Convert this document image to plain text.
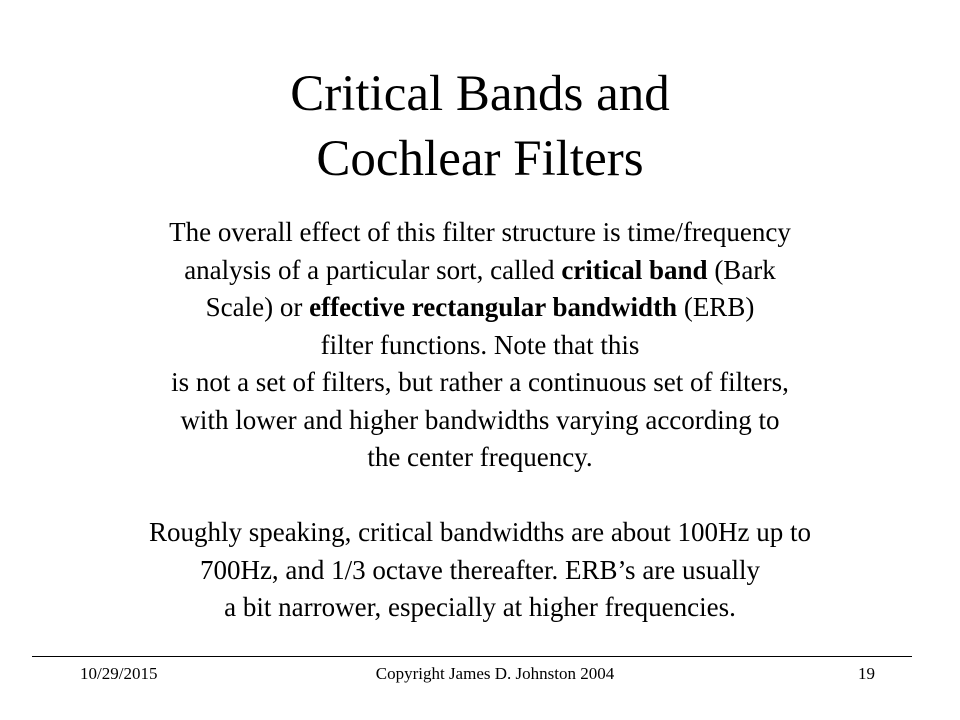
Critical Bands and
Cochlear Filters
The overall effect of this filter structure is time/frequency
analysis of a particular sort, called critical band (Bark
Scale) or effective rectangular bandwidth (ERB)
filter functions. Note that this
is not a set of filters, but rather a continuous set of filters,
with lower and higher bandwidths varying according to
the center frequency.
Roughly speaking, critical bandwidths are about 100Hz up to
700Hz, and 1/3 octave thereafter. ERB’s are usually
a bit narrower, especially at higher frequencies.
10/29/2015	Copyright James D. Johnston 2004	19
